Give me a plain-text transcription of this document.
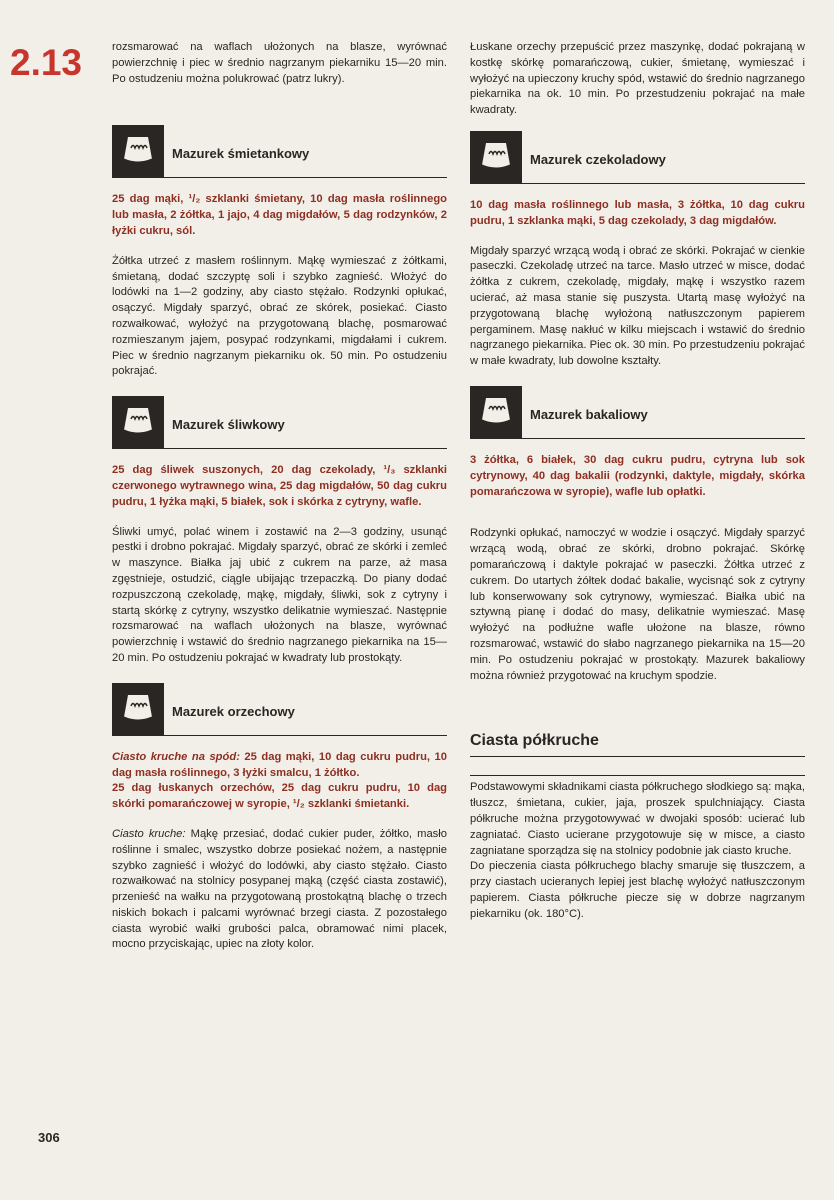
2.13	rozsmarować na waflach ułożonych na blasze, wyrównać powierzchnię i piec w średnio nagrzanym piekarniku 15—20 min. Po ostudzeniu można polukrować (patrz lukry).

Mazurek śmietankowy

25 dag mąki, ¹/₂ szklanki śmietany, 10 dag masła roślinnego lub masła, 2 żółtka, 1 jajo, 4 dag migdałów, 5 dag rodzynków, 2 łyżki cukru, sól.

Żółtka utrzeć z masłem roślinnym. Mąkę wymieszać z żółtkami, śmietaną, dodać szczyptę soli i szybko zagnieść. Włożyć do lodówki na 1—2 godziny, aby ciasto stężało. Rodzynki opłukać, osączyć. Migdały sparzyć, obrać ze skórek, posiekać. Ciasto rozwałkować, wyłożyć na przygotowaną blachę, posmarować rozmieszanym jajem, posypać rodzynkami, migdałami i cukrem. Piec w średnio nagrzanym piekarniku ok. 50 min. Po ostudzeniu pokrajać.

Mazurek śliwkowy

25 dag śliwek suszonych, 20 dag czekolady, ¹/₃ szklanki czerwonego wytrawnego wina, 25 dag migdałów, 50 dag cukru pudru, 1 łyżka mąki, 5 białek, sok i skórka z cytryny, wafle.

Śliwki umyć, polać winem i zostawić na 2—3 godziny, usunąć pestki i drobno pokrajać. Migdały sparzyć, obrać ze skórki i zemleć w maszynce. Białka jaj ubić z cukrem na parze, aż masa zgęstnieje, ostudzić, ciągle ubijając trzepaczką. Do piany dodać rozpuszczoną czekoladę, mąkę, migdały, śliwki, sok z cytryny i startą skórkę z cytryny, wszystko delikatnie wymieszać. Następnie rozsmarować na waflach ułożonych na blasze, wyrównać powierzchnię i wstawić do średnio nagrzanego piekarnika na 15—20 min. Po ostudzeniu pokrajać w kwadraty lub prostokąty.

Mazurek orzechowy

Ciasto kruche na spód: 25 dag mąki, 10 dag cukru pudru, 10 dag masła roślinnego, 3 łyżki smalcu, 1 żółtko.

25 dag łuskanych orzechów, 25 dag cukru pudru, 10 dag skórki pomarańczowej w syropie, ¹/₂ szklanki śmietanki.

Ciasto kruche: Mąkę przesiać, dodać cukier puder, żółtko, masło roślinne i smalec, wszystko dobrze posiekać nożem, a następnie szybko zagnieść i włożyć do lodówki, aby ciasto stężało. Ciasto rozwałkować na stolnicy posypanej mąką (część ciasta zostawić), przenieść na wałku na przygotowaną prostokątną blachę o trzech niskich bokach i palcami wyrównać brzegi ciasta. Z pozostałego ciasta wyrobić wałki grubości palca, obramować nimi placek, mocno przyciskając, upiec na złoty kolor.

Łuskane orzechy przepuścić przez maszynkę, dodać pokrajaną w kostkę skórkę pomarańczową, cukier, śmietanę, wymieszać i wyłożyć na upieczony kruchy spód, wstawić do średnio nagrzanego piekarnika na ok. 10 min. Po przestudzeniu pokrajać na małe kwadraty.

Mazurek czekoladowy

10 dag masła roślinnego lub masła, 3 żółtka, 10 dag cukru pudru, 1 szklanka mąki, 5 dag czekolady, 3 dag migdałów.

Migdały sparzyć wrzącą wodą i obrać ze skórki. Pokrajać w cienkie paseczki. Czekoladę utrzeć na tarce. Masło utrzeć w misce, dodać żółtka z cukrem, czekoladę, migdały, mąkę i wszystko razem ucierać, aż masa stanie się puszysta. Utartą masę wyłożyć na przygotowaną blachę wyłożoną natłuszczonym papierem pergaminem. Masę nakłuć w kilku miejscach i wstawić do średnio nagrzanego piekarnika. Piec ok. 30 min. Po przestudzeniu pokrajać w małe kwadraty, lub dowolne kształty.

Mazurek bakaliowy

3 żółtka, 6 białek, 30 dag cukru pudru, cytryna lub sok cytrynowy, 40 dag bakalii (rodzynki, daktyle, migdały, skórka pomarańczowa w syropie), wafle lub opłatki.

Rodzynki opłukać, namoczyć w wodzie i osączyć. Migdały sparzyć wrzącą wodą, obrać ze skórki, drobno pokrajać. Skórkę pomarańczową i daktyle pokrajać w paseczki. Żółtka utrzeć z cukrem. Do utartych żółtek dodać bakalie, wycisnąć sok z cytryny lub konserwowany sok cytrynowy, wymieszać. Białka ubić na sztywną pianę i dodać do masy, delikatnie wymieszać. Masę wyłożyć na podłużne wafle ułożone na blasze, równo rozsmarować, wstawić do słabo nagrzanego piekarnika na 15—20 min. Po ostudzeniu pokrajać w prostokąty. Mazurek bakaliowy można również przygotować na kruchym spodzie.

Ciasta półkruche

Podstawowymi składnikami ciasta półkruchego słodkiego są: mąka, tłuszcz, śmietana, cukier, jaja, proszek spulchniający. Ciasta półkruche można przygotowywać w dwojaki sposób: ucierać lub zagniatać. Ciasto ucierane przygotowuje się w misce, a ciasto zagniatane sporządza się na stolnicy podobnie jak ciasto kruche.

Do pieczenia ciasta półkruchego blachy smaruje się tłuszczem, a przy ciastach ucieranych lepiej jest blachę wyłożyć natłuszczonym papierem. Ciasta półkruche piecze się w dobrze nagrzanym piekarniku (ok. 180°C).

306
